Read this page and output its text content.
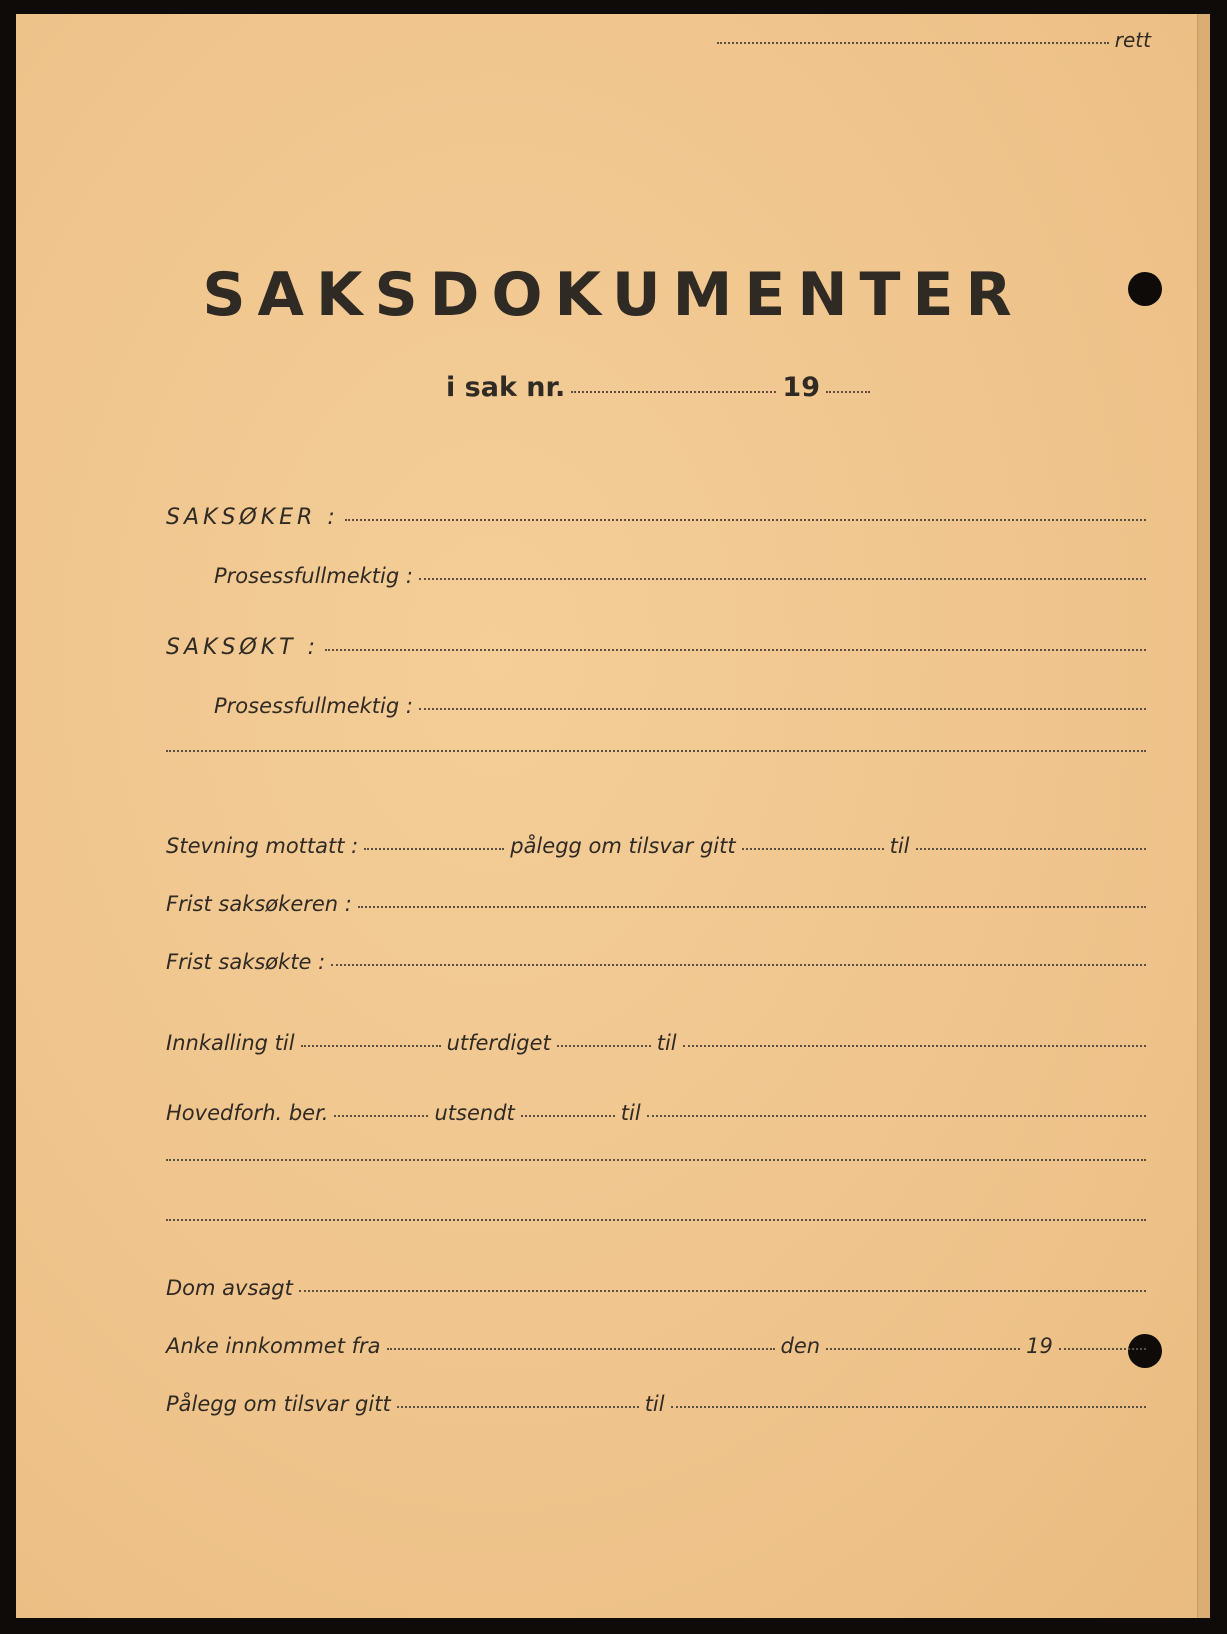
rett
SAKSDOKUMENTER
i sak nr.	19
SAKSØKER :
Prosessfullmektig :
SAKSØKT :
Prosessfullmektig :
Stevning mottatt :	pålegg om tilsvar gitt	til
Frist saksøkeren :
Frist saksøkte :
Innkalling til	utferdiget	til
Hovedforh. ber.	utsendt	til
Dom avsagt
Anke innkommet fra	den	19
Pålegg om tilsvar gitt	til
